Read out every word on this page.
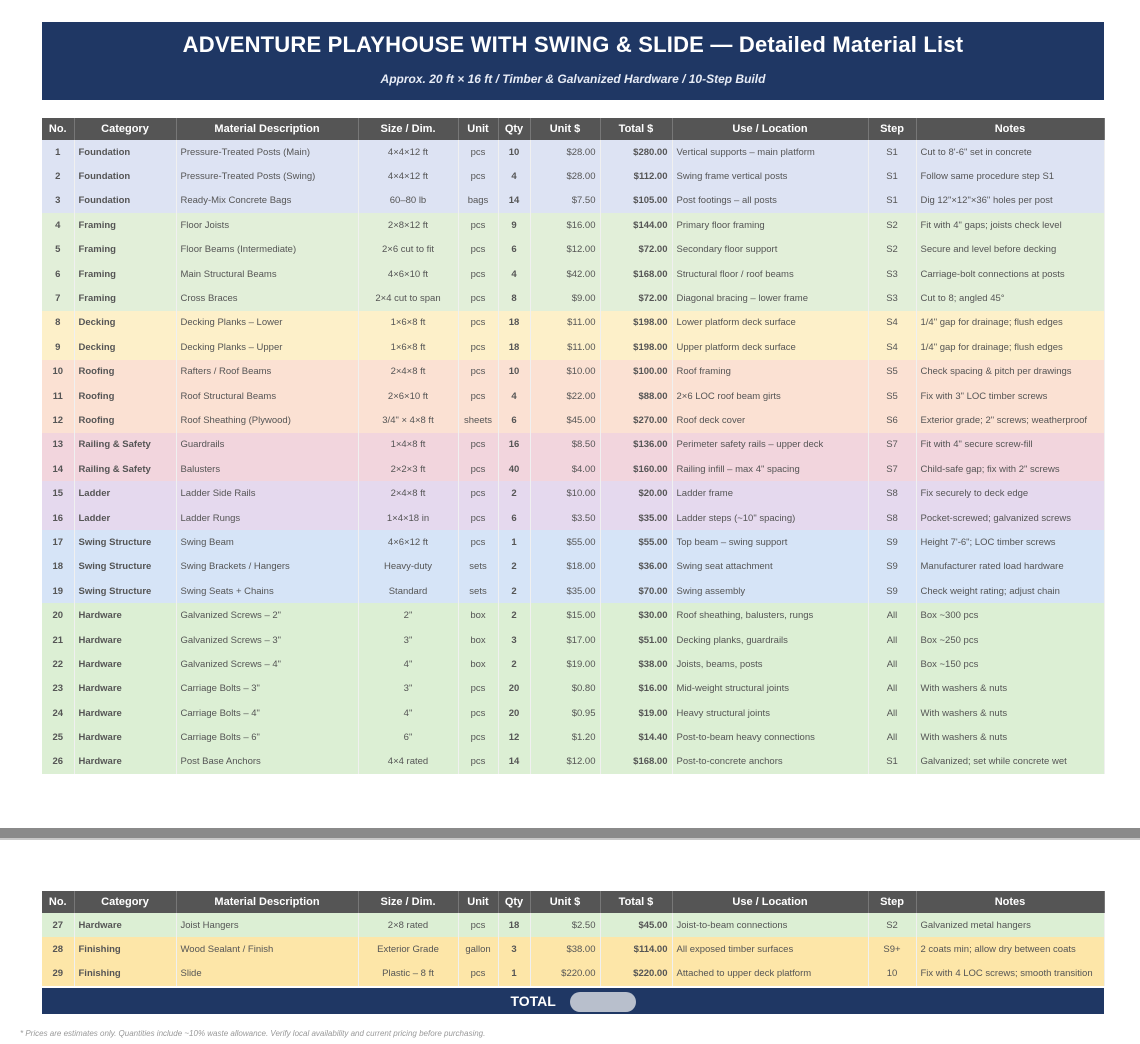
ADVENTURE PLAYHOUSE WITH SWING & SLIDE — Detailed Material List
Approx. 20 ft × 16 ft / Timber & Galvanized Hardware / 10-Step Build
No.	Category	Material Description	Size / Dim.	Unit	Qty	Unit $	Total $	Use / Location	Step	Notes
1	Foundation	Pressure-Treated Posts (Main)	4×4×12 ft	pcs	10	$28.00	$280.00	Vertical supports – main platform	S1	Cut to 8'-6" set in concrete
2	Foundation	Pressure-Treated Posts (Swing)	4×4×12 ft	pcs	4	$28.00	$112.00	Swing frame vertical posts	S1	Follow same procedure step S1
3	Foundation	Ready-Mix Concrete Bags	60–80 lb	bags	14	$7.50	$105.00	Post footings – all posts	S1	Dig 12"×12"×36" holes per post
4	Framing	Floor Joists	2×8×12 ft	pcs	9	$16.00	$144.00	Primary floor framing	S2	Fit with 4" gaps; joists check level
5	Framing	Floor Beams (Intermediate)	2×6 cut to fit	pcs	6	$12.00	$72.00	Secondary floor support	S2	Secure and level before decking
6	Framing	Main Structural Beams	4×6×10 ft	pcs	4	$42.00	$168.00	Structural floor / roof beams	S3	Carriage-bolt connections at posts
7	Framing	Cross Braces	2×4 cut to span	pcs	8	$9.00	$72.00	Diagonal bracing – lower frame	S3	Cut to 8; angled 45°
8	Decking	Decking Planks – Lower	1×6×8 ft	pcs	18	$11.00	$198.00	Lower platform deck surface	S4	1/4" gap for drainage; flush edges
9	Decking	Decking Planks – Upper	1×6×8 ft	pcs	18	$11.00	$198.00	Upper platform deck surface	S4	1/4" gap for drainage; flush edges
10	Roofing	Rafters / Roof Beams	2×4×8 ft	pcs	10	$10.00	$100.00	Roof framing	S5	Check spacing & pitch per drawings
11	Roofing	Roof Structural Beams	2×6×10 ft	pcs	4	$22.00	$88.00	2×6 LOC roof beam girts	S5	Fix with 3" LOC timber screws
12	Roofing	Roof Sheathing (Plywood)	3/4" × 4×8 ft	sheets	6	$45.00	$270.00	Roof deck cover	S6	Exterior grade; 2" screws; weatherproof
13	Railing & Safety	Guardrails	1×4×8 ft	pcs	16	$8.50	$136.00	Perimeter safety rails – upper deck	S7	Fit with 4" secure screw-fill
14	Railing & Safety	Balusters	2×2×3 ft	pcs	40	$4.00	$160.00	Railing infill – max 4" spacing	S7	Child-safe gap; fix with 2" screws
15	Ladder	Ladder Side Rails	2×4×8 ft	pcs	2	$10.00	$20.00	Ladder frame	S8	Fix securely to deck edge
16	Ladder	Ladder Rungs	1×4×18 in	pcs	6	$3.50	$35.00	Ladder steps (~10" spacing)	S8	Pocket-screwed; galvanized screws
17	Swing Structure	Swing Beam	4×6×12 ft	pcs	1	$55.00	$55.00	Top beam – swing support	S9	Height 7'-6"; LOC timber screws
18	Swing Structure	Swing Brackets / Hangers	Heavy-duty	sets	2	$18.00	$36.00	Swing seat attachment	S9	Manufacturer rated load hardware
19	Swing Structure	Swing Seats + Chains	Standard	sets	2	$35.00	$70.00	Swing assembly	S9	Check weight rating; adjust chain
20	Hardware	Galvanized Screws – 2"	2"	box	2	$15.00	$30.00	Roof sheathing, balusters, rungs	All	Box ~300 pcs
21	Hardware	Galvanized Screws – 3"	3"	box	3	$17.00	$51.00	Decking planks, guardrails	All	Box ~250 pcs
22	Hardware	Galvanized Screws – 4"	4"	box	2	$19.00	$38.00	Joists, beams, posts	All	Box ~150 pcs
23	Hardware	Carriage Bolts – 3"	3"	pcs	20	$0.80	$16.00	Mid-weight structural joints	All	With washers & nuts
24	Hardware	Carriage Bolts – 4"	4"	pcs	20	$0.95	$19.00	Heavy structural joints	All	With washers & nuts
25	Hardware	Carriage Bolts – 6"	6"	pcs	12	$1.20	$14.40	Post-to-beam heavy connections	All	With washers & nuts
26	Hardware	Post Base Anchors	4×4 rated	pcs	14	$12.00	$168.00	Post-to-concrete anchors	S1	Galvanized; set while concrete wet
No.	Category	Material Description	Size / Dim.	Unit	Qty	Unit $	Total $	Use / Location	Step	Notes
27	Hardware	Joist Hangers	2×8 rated	pcs	18	$2.50	$45.00	Joist-to-beam connections	S2	Galvanized metal hangers
28	Finishing	Wood Sealant / Finish	Exterior Grade	gallon	3	$38.00	$114.00	All exposed timber surfaces	S9+	2 coats min; allow dry between coats
29	Finishing	Slide	Plastic – 8 ft	pcs	1	$220.00	$220.00	Attached to upper deck platform	10	Fix with 4 LOC screws; smooth transition
TOTAL
* Prices are estimates only. Quantities include ~10% waste allowance. Verify local availability and current pricing before purchasing.
